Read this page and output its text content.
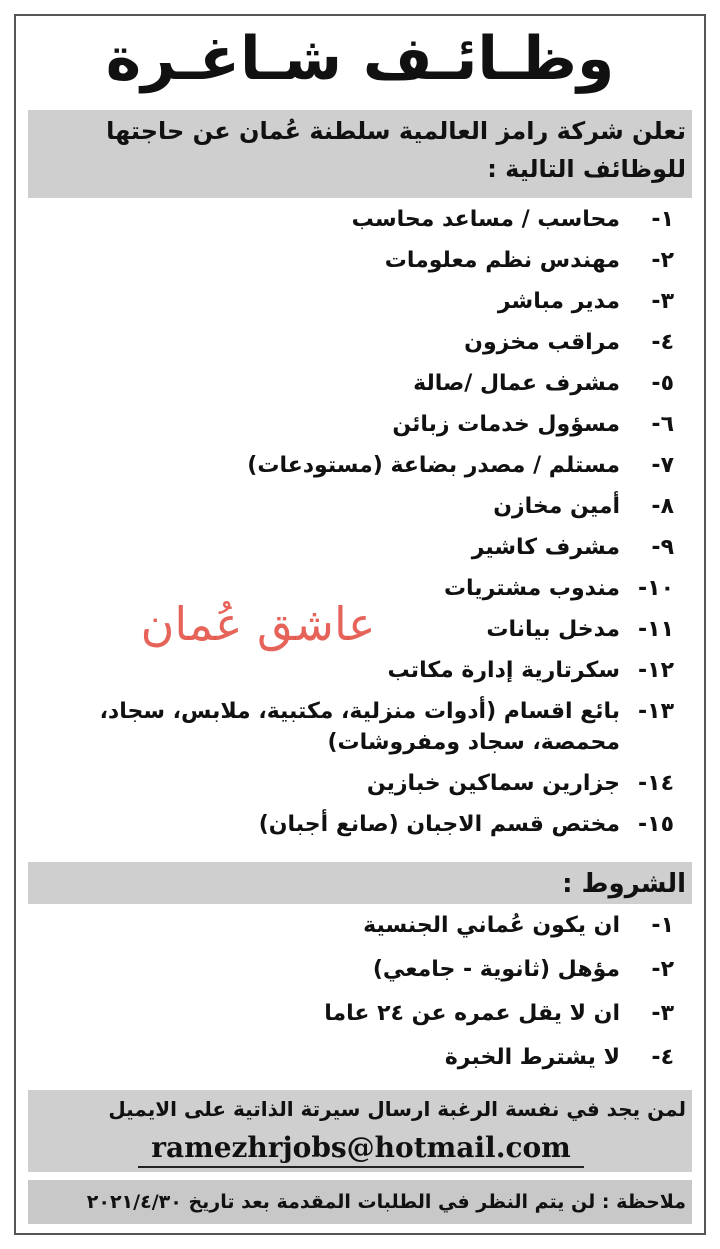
وظـائـف شـاغـرة
تعلن شركة رامز العالمية سلطنة عُمان عن حاجتها للوظائف التالية :
١-
محاسب / مساعد محاسب
٢-
مهندس نظم معلومات
٣-
مدير مباشر
٤-
مراقب مخزون
٥-
مشرف عمال /صالة
٦-
مسؤول خدمات زبائن
٧-
مستلم / مصدر بضاعة (مستودعات)
٨-
أمين مخازن
٩-
مشرف كاشير
١٠-
مندوب مشتريات
١١-
مدخل بيانات
١٢-
سكرتارية إدارة مكاتب
١٣-
بائع اقسام (أدوات منزلية، مكتبية، ملابس، سجاد، محمصة، سجاد ومفروشات)
١٤-
جزارين سماكين خبازين
١٥-
مختص قسم الاجبان (صانع أجبان)
عاشق عُمان
الشروط :
١-
ان يكون عُماني الجنسية
٢-
مؤهل (ثانوية - جامعي)
٣-
ان لا يقل عمره عن ٢٤ عاما
٤-
لا يشترط الخبرة
لمن يجد في نفسة الرغبة ارسال سيرتة الذاتية على الايميل
ramezhrjobs@hotmail.com
ملاحظة : لن يتم النظر في الطلبات المقدمة بعد تاريخ ٢٠٢١/٤/٣٠
